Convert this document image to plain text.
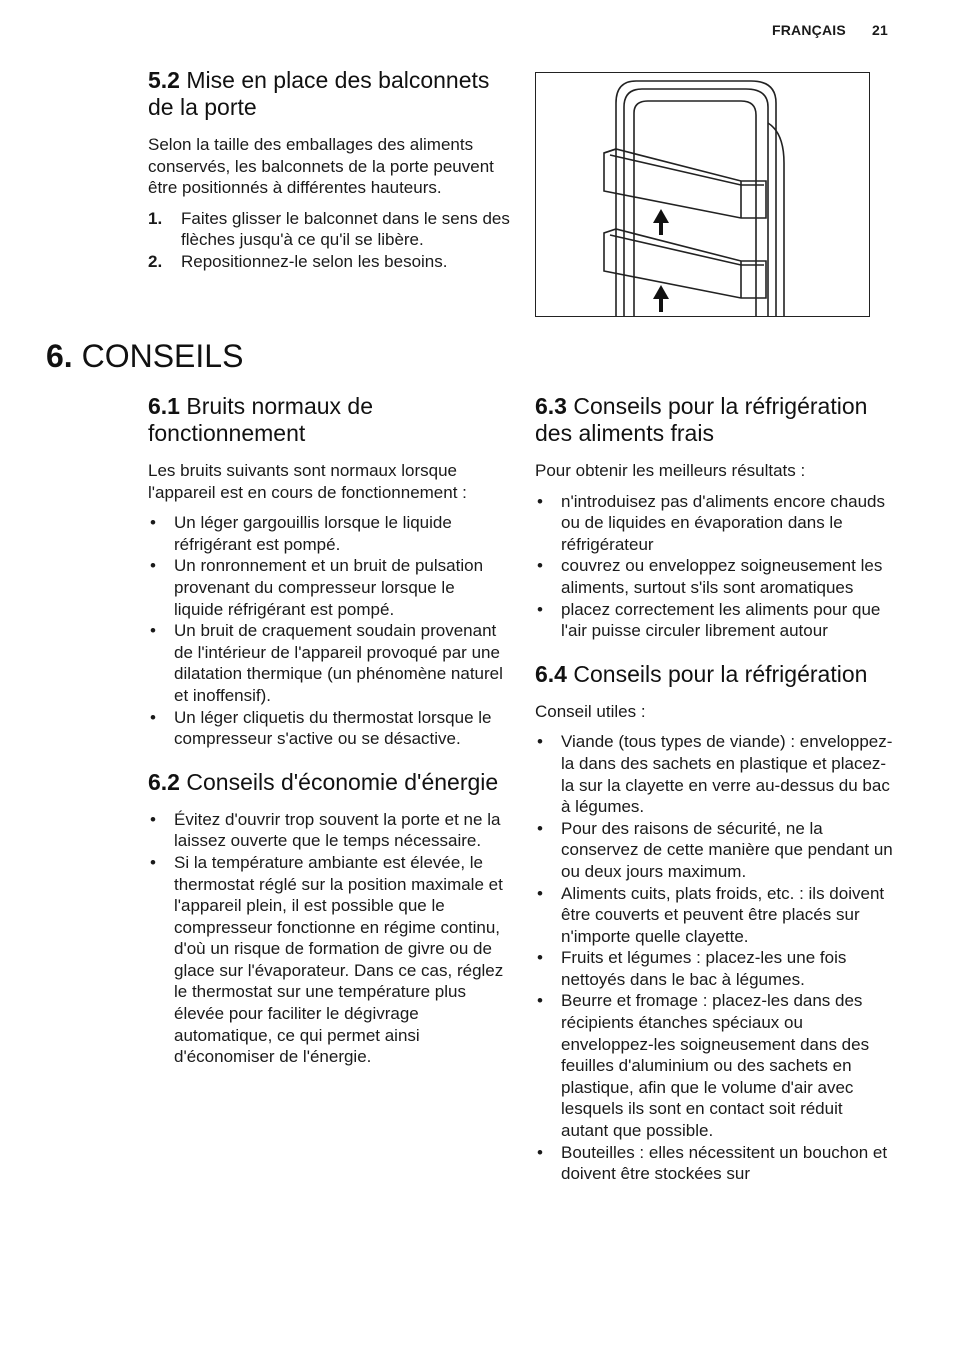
FRANÇAIS 21
5.2 Mise en place des balconnets de la porte

Selon la taille des emballages des aliments conservés, les balconnets de la porte peuvent être positionnés à différentes hauteurs.

1. Faites glisser le balconnet dans le sens des flèches jusqu'à ce qu'il se libère.
2. Repositionnez-le selon les besoins.
6. CONSEILS
6.1 Bruits normaux de fonctionnement

Les bruits suivants sont normaux lorsque l'appareil est en cours de fonctionnement :

• Un léger gargouillis lorsque le liquide réfrigérant est pompé.
• Un ronronnement et un bruit de pulsation provenant du compresseur lorsque le liquide réfrigérant est pompé.
• Un bruit de craquement soudain provenant de l'intérieur de l'appareil provoqué par une dilatation thermique (un phénomène naturel et inoffensif).
• Un léger cliquetis du thermostat lorsque le compresseur s'active ou se désactive.
6.2 Conseils d'économie d'énergie
• Évitez d'ouvrir trop souvent la porte et ne la laissez ouverte que le temps nécessaire.
• Si la température ambiante est élevée, le thermostat réglé sur la position maximale et l'appareil plein, il est possible que le compresseur fonctionne en régime continu, d'où un risque de formation de givre ou de glace sur l'évaporateur. Dans ce cas, réglez le thermostat sur une température plus élevée pour faciliter le dégivrage automatique, ce qui permet ainsi d'économiser de l'énergie.
6.3 Conseils pour la réfrigération des aliments frais

Pour obtenir les meilleurs résultats :

• n'introduisez pas d'aliments encore chauds ou de liquides en évaporation dans le réfrigérateur
• couvrez ou enveloppez soigneusement les aliments, surtout s'ils sont aromatiques
• placez correctement les aliments pour que l'air puisse circuler librement autour
6.4 Conseils pour la réfrigération

Conseil utiles :

• Viande (tous types de viande) : enveloppez-la dans des sachets en plastique et placez-la sur la clayette en verre au-dessus du bac à légumes.
• Pour des raisons de sécurité, ne la conservez de cette manière que pendant un ou deux jours maximum.
• Aliments cuits, plats froids, etc. : ils doivent être couverts et peuvent être placés sur n'importe quelle clayette.
• Fruits et légumes : placez-les une fois nettoyés dans le bac à légumes.
• Beurre et fromage : placez-les dans des récipients étanches spéciaux ou enveloppez-les soigneusement dans des feuilles d'aluminium ou des sachets en plastique, afin que le volume d'air avec lesquels ils sont en contact soit réduit autant que possible.
• Bouteilles : elles nécessitent un bouchon et doivent être stockées sur
